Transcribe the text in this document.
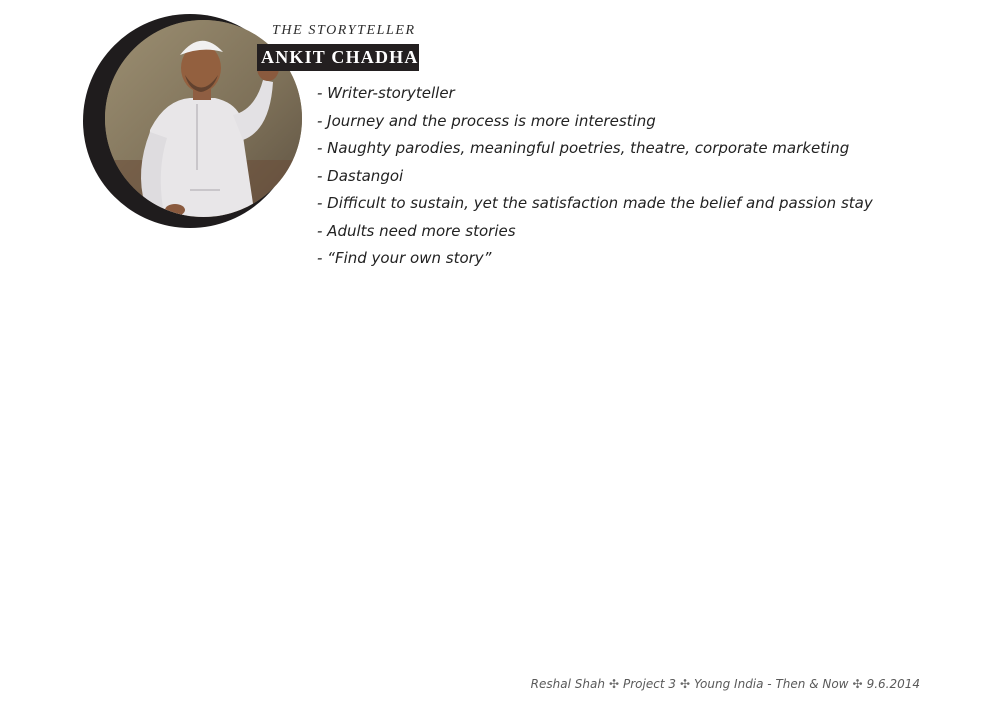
THE STORYTELLER
ANKIT CHADHA
- Writer-storyteller
- Journey and the process is more interesting
- Naughty parodies, meaningful poetries, theatre, corporate marketing
- Dastangoi
- Difficult to sustain, yet the satisfaction made the belief and passion stay
- Adults need more stories
- “Find your own story”
Reshal Shah ✣ Project 3 ✣ Young India - Then & Now ✣ 9.6.2014
